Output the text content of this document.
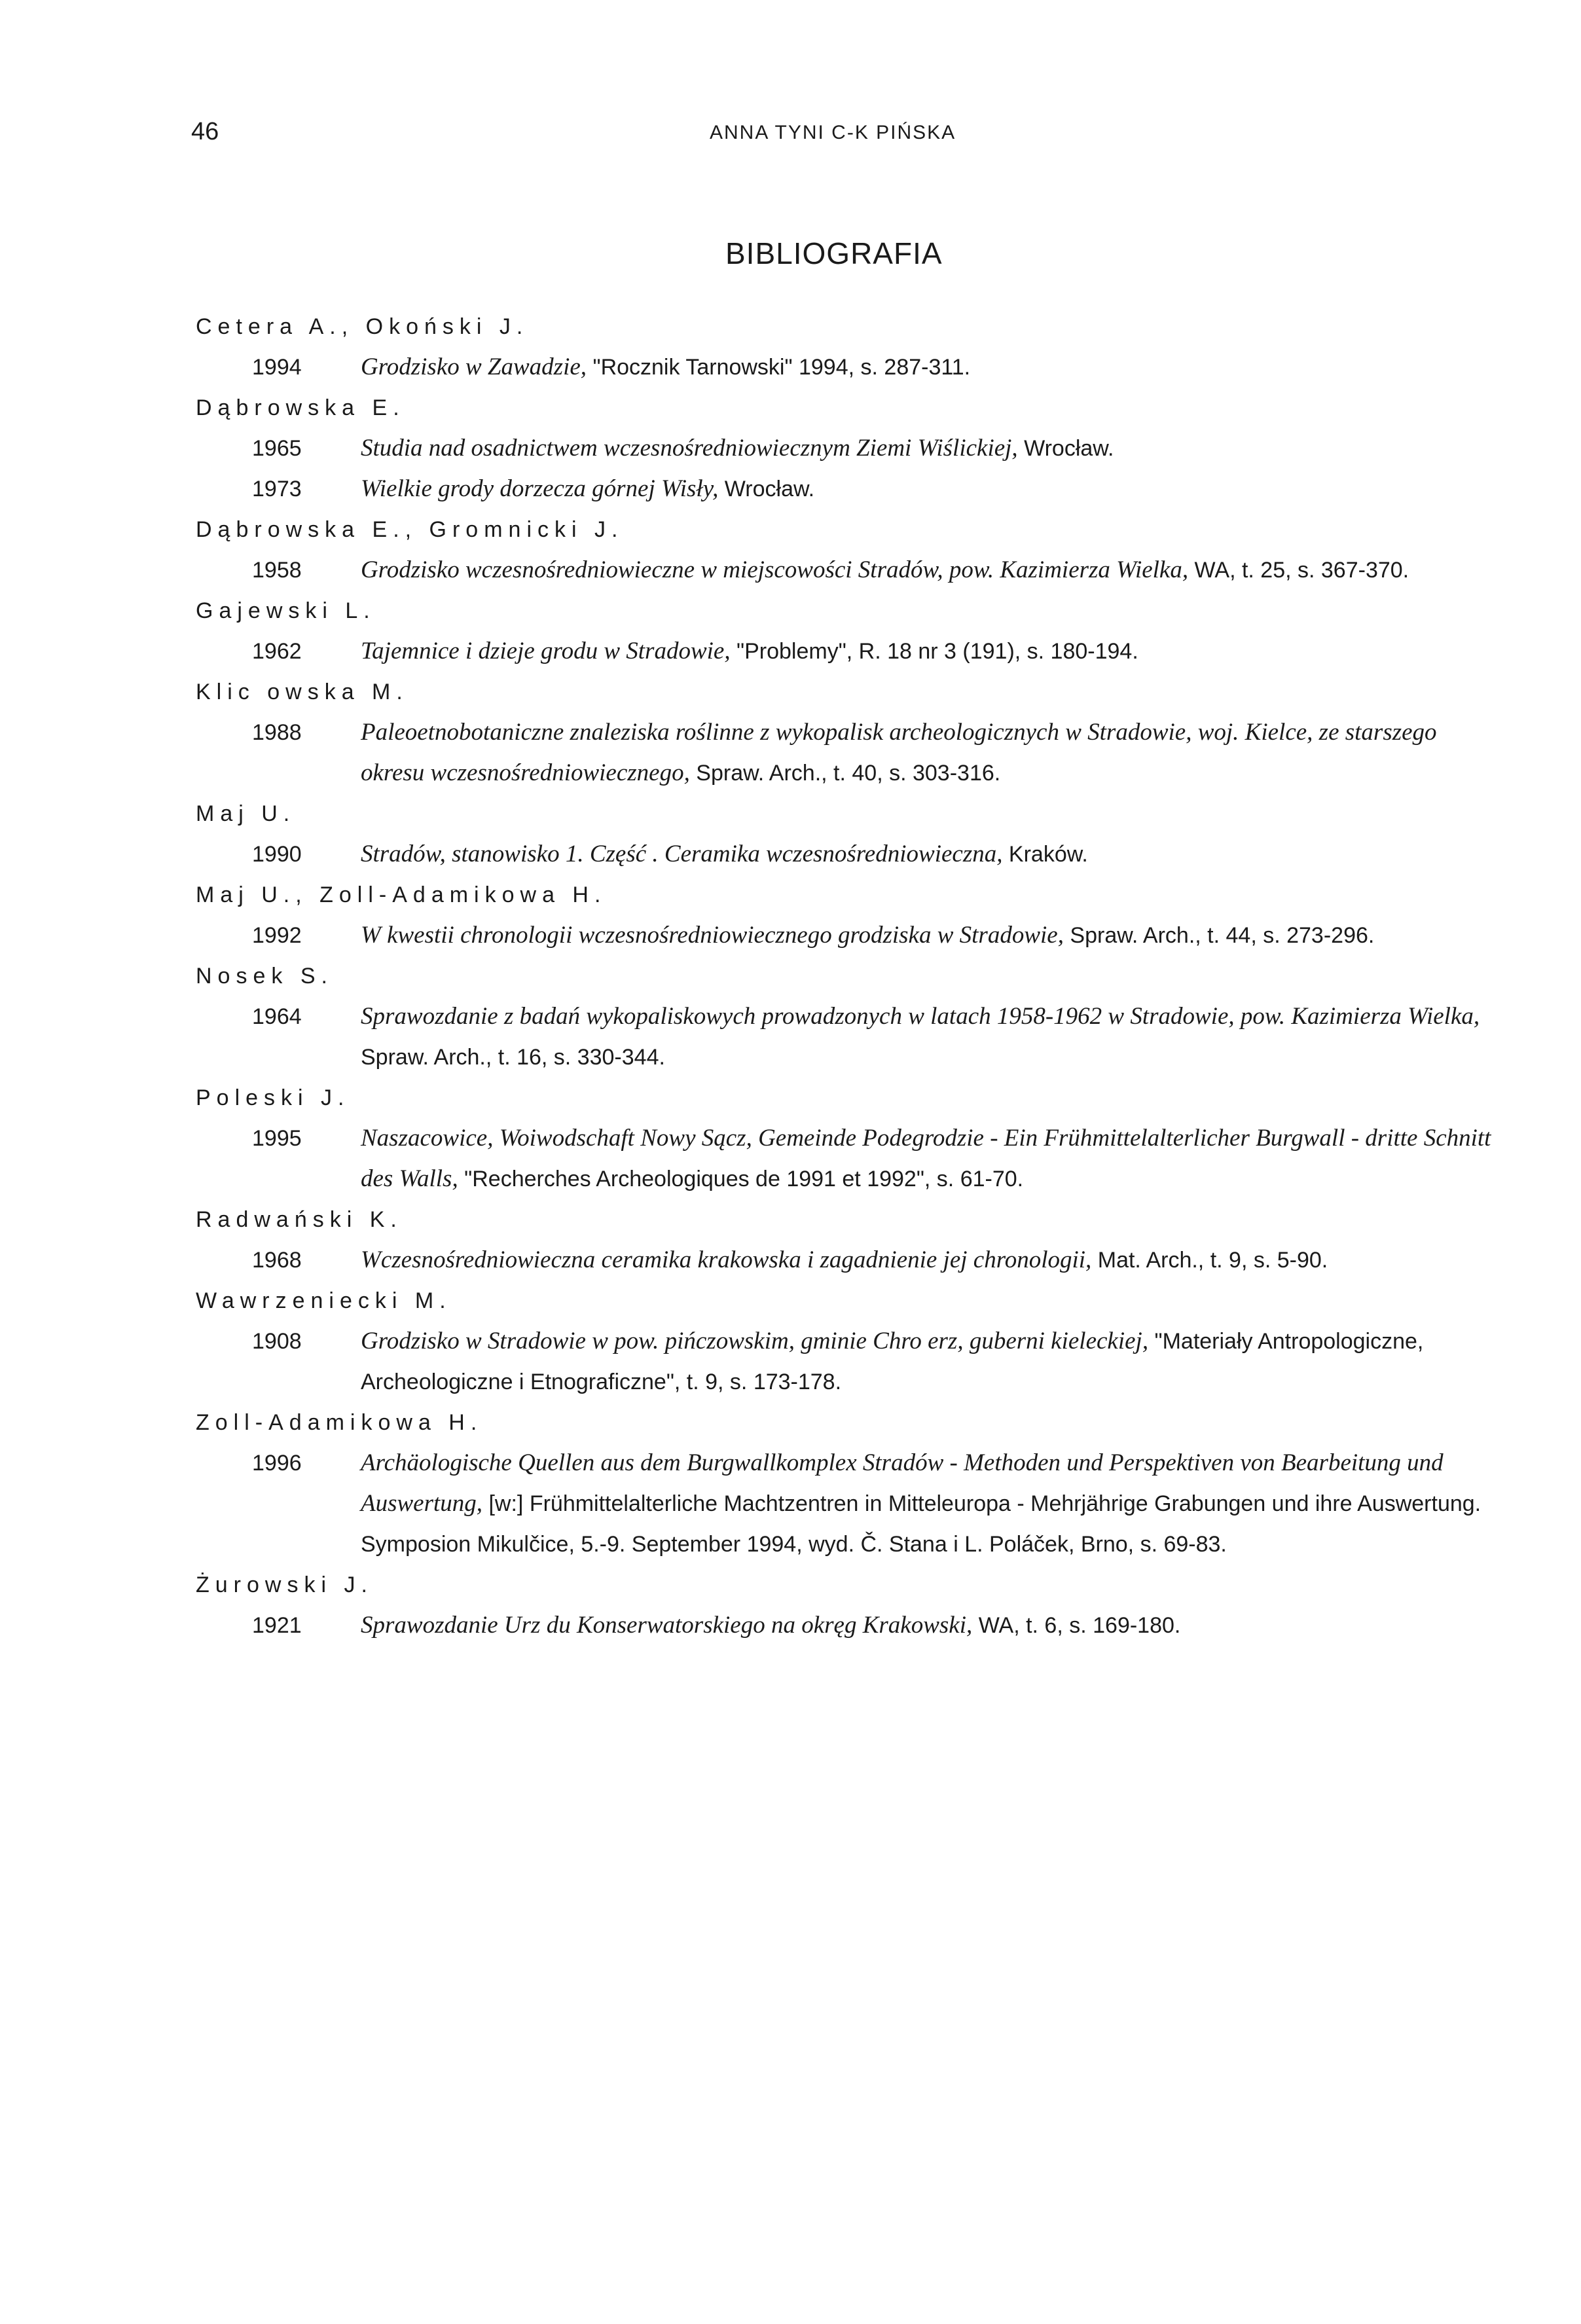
46	ANNA TYNI C-K PIŃSKA
BIBLIOGRAFIA
Cetera A., Okoński J.
1994	Grodzisko w Zawadzie, "Rocznik Tarnowski" 1994, s. 287-311.
Dąbrowska E.
1965	Studia nad osadnictwem wczesnośredniowiecznym Ziemi Wiślickiej, Wrocław.
1973	Wielkie grody dorzecza górnej Wisły, Wrocław.
Dąbrowska E., Gromnicki J.
1958	Grodzisko wczesnośredniowieczne w miejscowości Stradów, pow. Kazimierza Wielka, WA, t. 25, s. 367-370.
Gajewski L.
1962	Tajemnice i dzieje grodu w Stradowie, "Problemy", R. 18 nr 3 (191), s. 180-194.
Klic owska M.
1988	Paleoetnobotaniczne znaleziska roślinne z wykopalisk archeologicznych w Stradowie, woj. Kielce, ze starszego okresu wczesnośredniowiecznego, Spraw. Arch., t. 40, s. 303-316.
Maj U.
1990	Stradów, stanowisko 1. Część . Ceramika wczesnośredniowieczna, Kraków.
Maj U., Zoll-Adamikowa H.
1992	W kwestii chronologii wczesnośredniowiecznego grodziska w Stradowie, Spraw. Arch., t. 44, s. 273-296.
Nosek S.
1964	Sprawozdanie z badań wykopaliskowych prowadzonych w latach 1958-1962 w Stradowie, pow. Kazimierza Wielka, Spraw. Arch., t. 16, s. 330-344.
Poleski J.
1995	Naszacowice, Woiwodschaft Nowy Sącz, Gemeinde Podegrodzie - Ein Frühmittelalterlicher Burgwall - dritte Schnitt des Walls, "Recherches Archeologiques de 1991 et 1992", s. 61-70.
Radwański K.
1968	Wczesnośredniowieczna ceramika krakowska i zagadnienie jej chronologii, Mat. Arch., t. 9, s. 5-90.
Wawrzeniecki M.
1908	Grodzisko w Stradowie w pow. pińczowskim, gminie Chro erz, guberni kieleckiej, "Materiały Antropologiczne, Archeologiczne i Etnograficzne", t. 9, s. 173-178.
Zoll-Adamikowa H.
1996	Archäologische Quellen aus dem Burgwallkomplex Stradów - Methoden und Perspektiven von Bearbeitung und Auswertung, [w:] Frühmittelalterliche Machtzentren in Mitteleuropa - Mehrjährige Grabungen und ihre Auswertung. Symposion Mikulčice, 5.-9. September 1994, wyd. Č. Stana i L. Poláček, Brno, s. 69-83.
Żurowski J.
1921	Sprawozdanie Urz du Konserwatorskiego na okręg Krakowski, WA, t. 6, s. 169-180.
